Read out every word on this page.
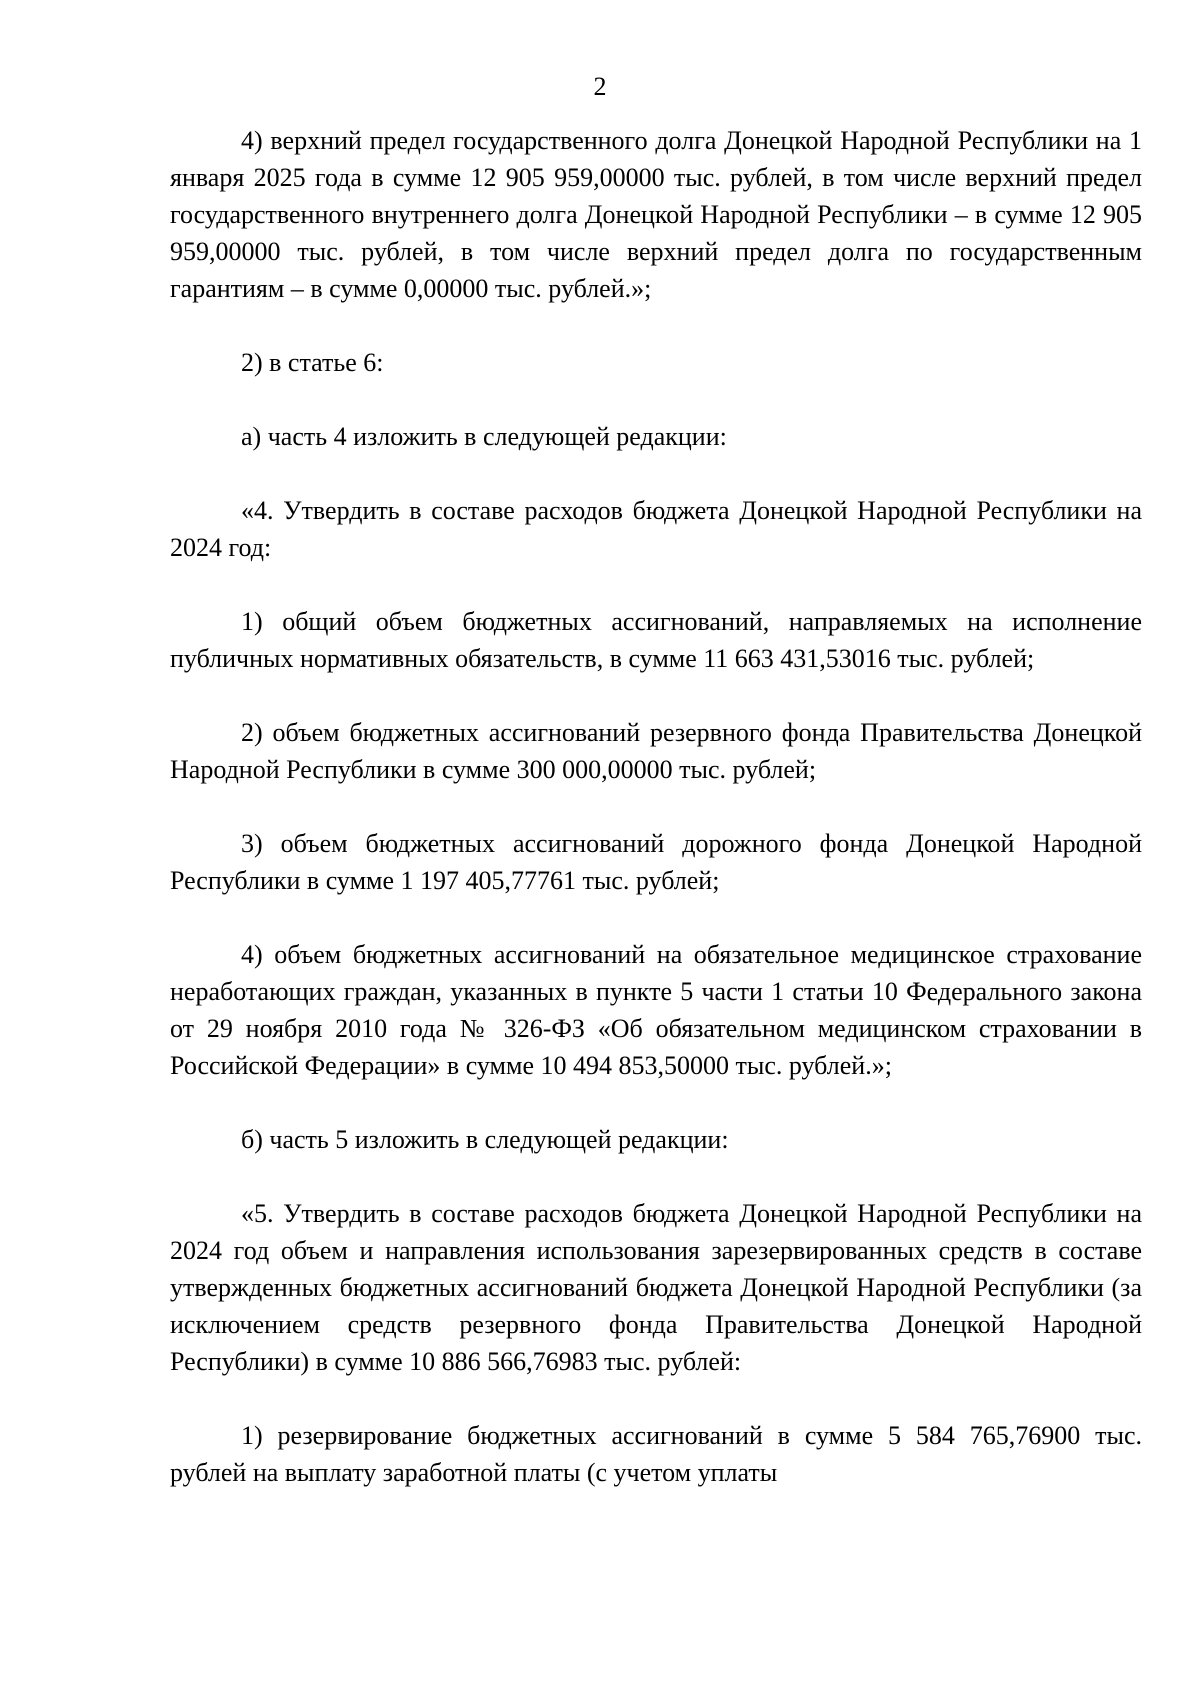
2

4) верхний предел государственного долга Донецкой Народной Республики на 1 января 2025 года в сумме 12 905 959,00000 тыс. рублей, в том числе верхний предел государственного внутреннего долга Донецкой Народной Республики – в сумме 12 905 959,00000 тыс. рублей, в том числе верхний предел долга по государственным гарантиям – в сумме 0,00000 тыс. рублей.»;

2) в статье 6:

а) часть 4 изложить в следующей редакции:

«4. Утвердить в составе расходов бюджета Донецкой Народной Республики на 2024 год:

1) общий объем бюджетных ассигнований, направляемых на исполнение публичных нормативных обязательств, в сумме 11 663 431,53016 тыс. рублей;

2) объем бюджетных ассигнований резервного фонда Правительства Донецкой Народной Республики в сумме 300 000,00000 тыс. рублей;

3) объем бюджетных ассигнований дорожного фонда Донецкой Народной Республики в сумме 1 197 405,77761 тыс. рублей;

4) объем бюджетных ассигнований на обязательное медицинское страхование неработающих граждан, указанных в пункте 5 части 1 статьи 10 Федерального закона от 29 ноября 2010 года № 326-ФЗ «Об обязательном медицинском страховании в Российской Федерации» в сумме 10 494 853,50000 тыс. рублей.»;

б) часть 5 изложить в следующей редакции:

«5. Утвердить в составе расходов бюджета Донецкой Народной Республики на 2024 год объем и направления использования зарезервированных средств в составе утвержденных бюджетных ассигнований бюджета Донецкой Народной Республики (за исключением средств резервного фонда Правительства Донецкой Народной Республики) в сумме 10 886 566,76983 тыс. рублей:

1) резервирование бюджетных ассигнований в сумме 5 584 765,76900 тыс. рублей на выплату заработной платы (с учетом уплаты
